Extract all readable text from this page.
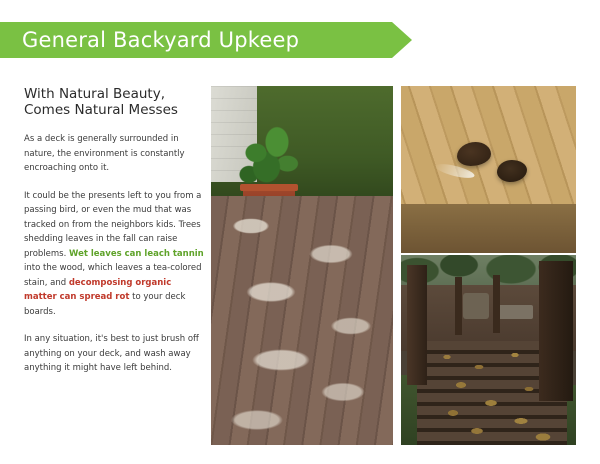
General Backyard Upkeep
With Natural Beauty,
Comes Natural Messes

As a deck is generally surrounded in nature, the environment is constantly encroaching onto it.

It could be the presents left to you from a passing bird, or even the mud that was tracked on from the neighbors kids. Trees shedding leaves in the fall can raise problems. Wet leaves can leach tannin into the wood, which leaves a tea-colored stain, and decomposing organic matter can spread rot to your deck boards.

In any situation, it's best to just brush off anything on your deck, and wash away anything it might have left behind.
